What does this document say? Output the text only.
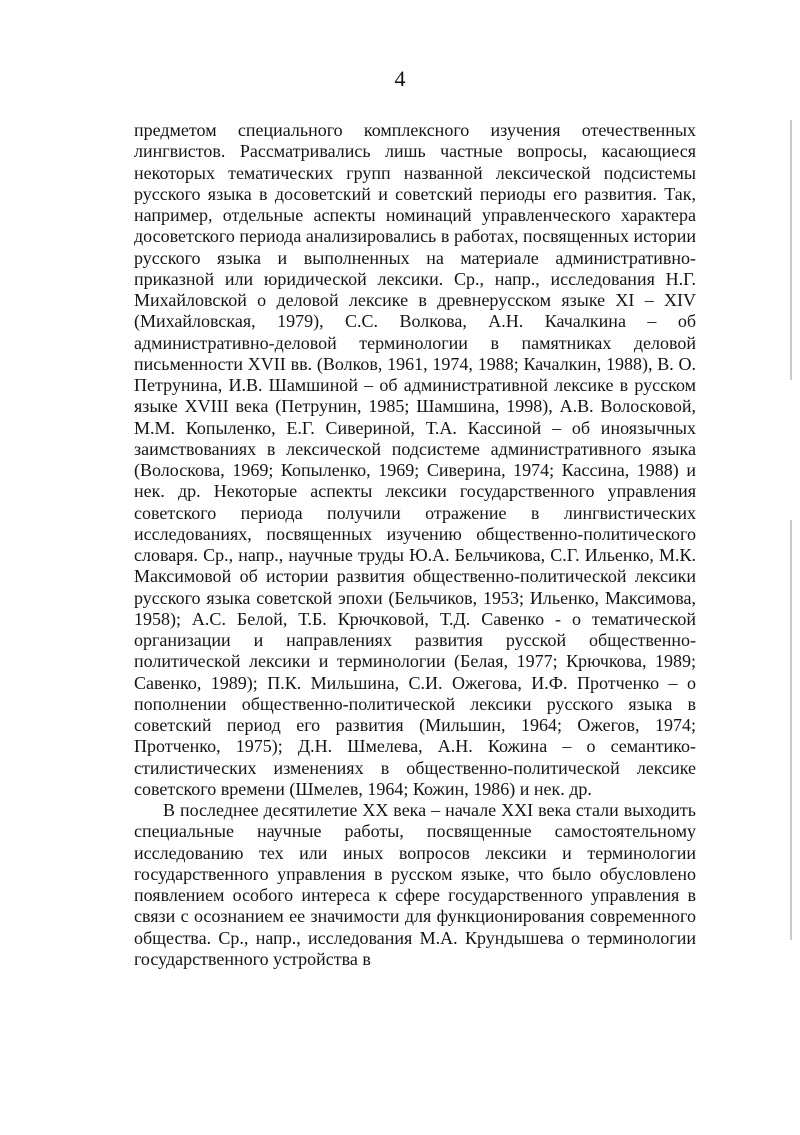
4

предметом специального комплексного изучения отечественных лингвистов. Рассматривались лишь частные вопросы, касающиеся некоторых тематических групп названной лексической подсистемы русского языка в досоветский и советский периоды его развития. Так, например, отдельные аспекты номинаций управленческого характера досоветского периода анализировались в работах, посвященных истории русского языка и выполненных на материале административно-приказной или юридической лексики. Ср., напр., исследования Н.Г. Михайловской о деловой лексике в древнерусском языке XI – XIV (Михайловская, 1979), С.С. Волкова, А.Н. Качалкина – об административно-деловой терминологии в памятниках деловой письменности XVII вв. (Волков, 1961, 1974, 1988; Качалкин, 1988), В. О. Петрунина, И.В. Шамшиной – об административной лексике в русском языке XVIII века (Петрунин, 1985; Шамшина, 1998), А.В. Волосковой, М.М. Копыленко, Е.Г. Сивериной, Т.А. Кассиной – об иноязычных заимствованиях в лексической подсистеме административного языка (Волоскова, 1969; Копыленко, 1969; Сиверина, 1974; Кассина, 1988) и нек. др. Некоторые аспекты лексики государственного управления советского периода получили отражение в лингвистических исследованиях, посвященных изучению общественно-политического словаря. Ср., напр., научные труды Ю.А. Бельчикова, С.Г. Ильенко, М.К. Максимовой об истории развития общественно-политической лексики русского языка советской эпохи (Бельчиков, 1953; Ильенко, Максимова, 1958); А.С. Белой, Т.Б. Крючковой, Т.Д. Савенко - о тематической организации и направлениях развития русской общественно-политической лексики и терминологии (Белая, 1977; Крючкова, 1989; Савенко, 1989); П.К. Мильшина, С.И. Ожегова, И.Ф. Протченко – о пополнении общественно-политической лексики русского языка в советский период его развития (Мильшин, 1964; Ожегов, 1974; Протченко, 1975); Д.Н. Шмелева, А.Н. Кожина – о семантико-стилистических изменениях в общественно-политической лексике советского времени (Шмелев, 1964; Кожин, 1986) и нек. др.

В последнее десятилетие XX века – начале XXI века стали выходить специальные научные работы, посвященные самостоятельному исследованию тех или иных вопросов лексики и терминологии государственного управления в русском языке, что было обусловлено появлением особого интереса к сфере государственного управления в связи с осознанием ее значимости для функционирования современного общества. Ср., напр., исследования М.А. Крундышева о терминологии государственного устройства в
